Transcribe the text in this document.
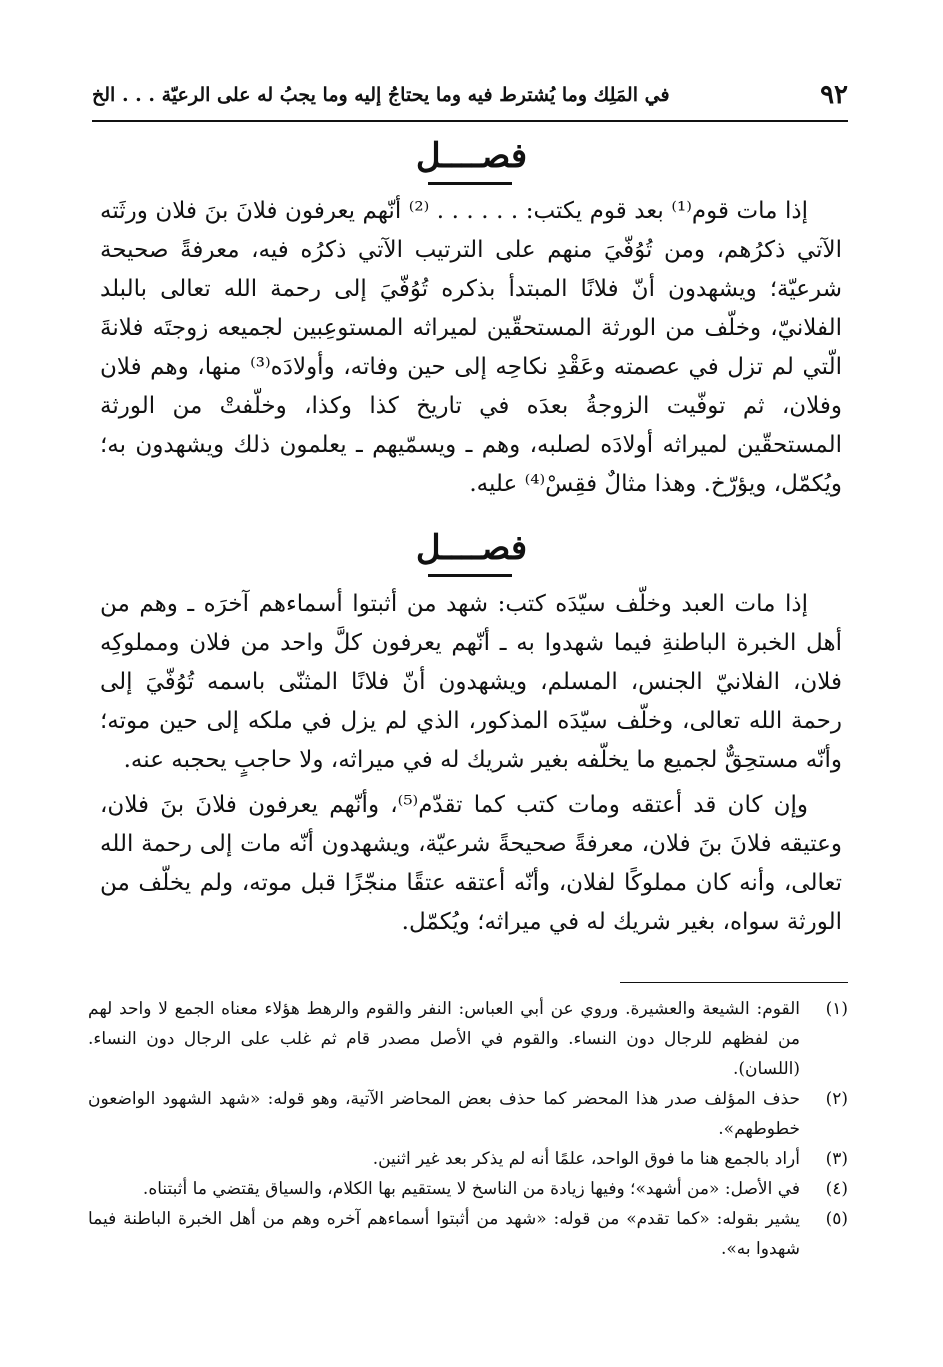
٩٢
في المَلِك وما يُشترط فيه وما يحتاجُ إليه وما يجبُ له على الرعيّة . . . الخ
فصــــل

إذا مات قوم⁽¹⁾ بعد قوم يكتب: . . . . . . ⁽²⁾ أنّهم يعرفون فلانَ بنَ فلان ورثَته الآتي ذكرُهم، ومن تُوُفّيَ منهم على الترتيب الآتي ذكرُه فيه، معرفةً صحيحة شرعيّة؛ ويشهدون أنّ فلانًا المبتدأ بذكره تُوُفّيَ إلى رحمة الله تعالى بالبلد الفلانيّ، وخلّف من الورثة المستحقّين لميراثه المستوعِبين لجميعه زوجتَه فلانةَ الّتي لم تزل في عصمته وعَقْدِ نكاحِه إلى حين وفاته، وأولادَه⁽³⁾ منها، وهم فلان وفلان، ثم توفّيت الزوجةُ بعدَه في تاريخ كذا وكذا، وخلّفتْ من الورثة المستحقّين لميراثه أولادَه لصلبه، وهم ـ ويسمّيهم ـ يعلمون ذلك ويشهدون به؛ ويُكمّل، ويؤرّخ. وهذا مثالٌ فقِسْ⁽⁴⁾ عليه.

فصــــل

إذا مات العبد وخلّف سيّدَه كتب: شهد من أثبتوا أسماءهم آخرَه ـ وهم من أهل الخبرة الباطنةِ فيما شهدوا به ـ أنّهم يعرفون كلَّ واحد من فلان ومملوكِه فلان، الفلانيّ الجنس، المسلم، ويشهدون أنّ فلانًا المثنّى باسمه تُوُفّيَ إلى رحمة الله تعالى، وخلّف سيّدَه المذكور، الذي لم يزل في ملكه إلى حين موته؛ وأنّه مستحِقٌّ لجميع ما يخلّفه بغير شريك له في ميراثه، ولا حاجبٍ يحجبه عنه.

وإن كان قد أعتقه ومات كتب كما تقدّم⁽⁵⁾، وأنّهم يعرفون فلانَ بنَ فلان، وعتيقه فلانَ بنَ فلان، معرفةً صحيحةً شرعيّة، ويشهدون أنّه مات إلى رحمة الله تعالى، وأنه كان مملوكًا لفلان، وأنّه أعتقه عتقًا منجّزًا قبل موته، ولم يخلّف من الورثة سواه، بغير شريك له في ميراثه؛ ويُكمّل.

(١)
القوم: الشيعة والعشيرة. وروي عن أبي العباس: النفر والقوم والرهط هؤلاء معناه الجمع لا واحد لهم من لفظهم للرجال دون النساء. والقوم في الأصل مصدر قام ثم غلب على الرجال دون النساء. (اللسان).
(٢)
حذف المؤلف صدر هذا المحضر كما حذف بعض المحاضر الآتية، وهو قوله: «شهد الشهود الواضعون خطوطهم».
(٣)
أراد بالجمع هنا ما فوق الواحد، علمًا أنه لم يذكر بعد غير اثنين.
(٤)
في الأصل: «من أشهد»؛ وفيها زيادة من الناسخ لا يستقيم بها الكلام، والسياق يقتضي ما أثبتناه.
(٥)
يشير بقوله: «كما تقدم» من قوله: «شهد من أثبتوا أسماءهم آخره وهم من أهل الخبرة الباطنة فيما شهدوا به».
